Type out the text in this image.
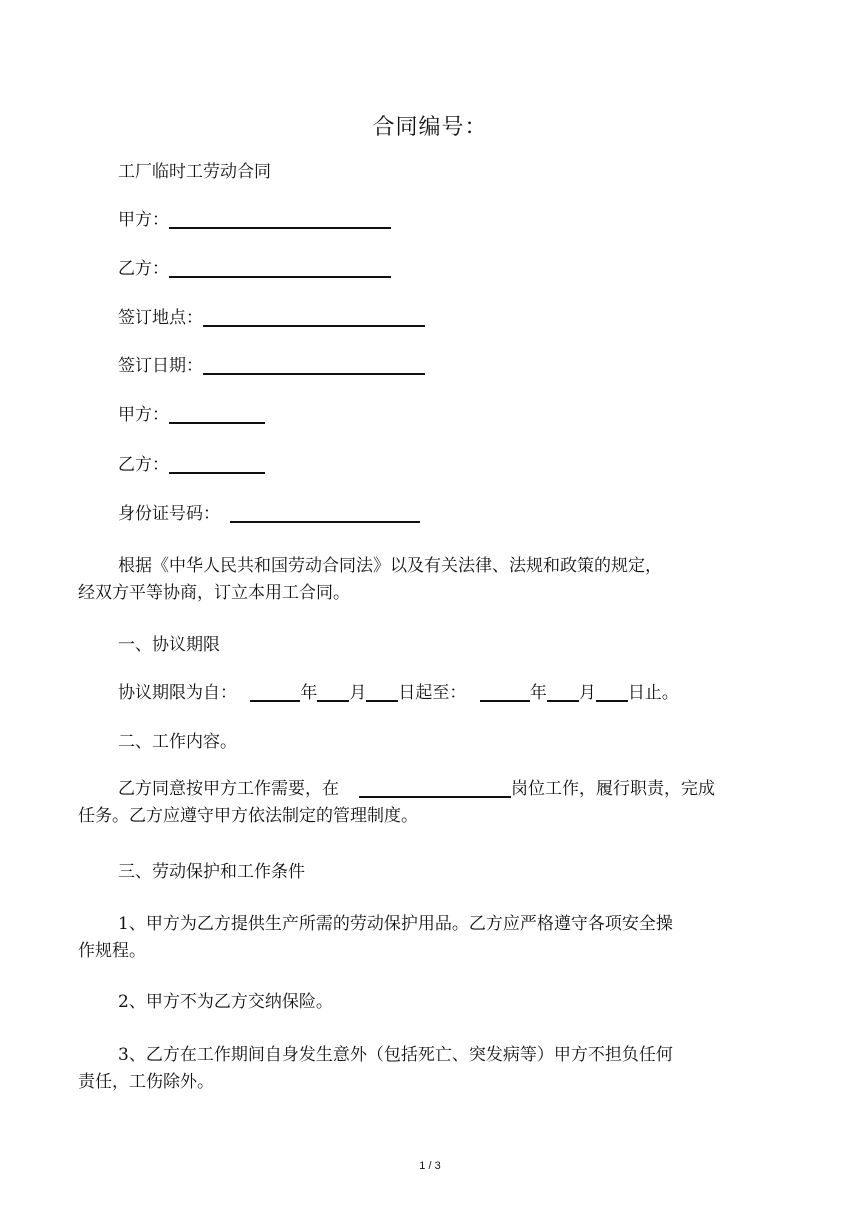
合同编号：
工厂临时工劳动合同
甲方：
乙方：
签订地点：
签订日期：
甲方：
乙方：
身份证号码：
根据《中华人民共和国劳动合同法》以及有关法律、法规和政策的规定，
经双方平等协商，订立本用工合同。
一、协议期限
协议期限为自：	年 月 日起至：	年 月 日止。
二、工作内容。
乙方同意按甲方工作需要，在	岗位工作，履行职责，完成
任务。乙方应遵守甲方依法制定的管理制度。
三、劳动保护和工作条件
1、甲方为乙方提供生产所需的劳动保护用品。乙方应严格遵守各项安全操
作规程。
2、甲方不为乙方交纳保险。
3、乙方在工作期间自身发生意外（包括死亡、突发病等）甲方不担负任何
责任，工伤除外。
1 / 3
